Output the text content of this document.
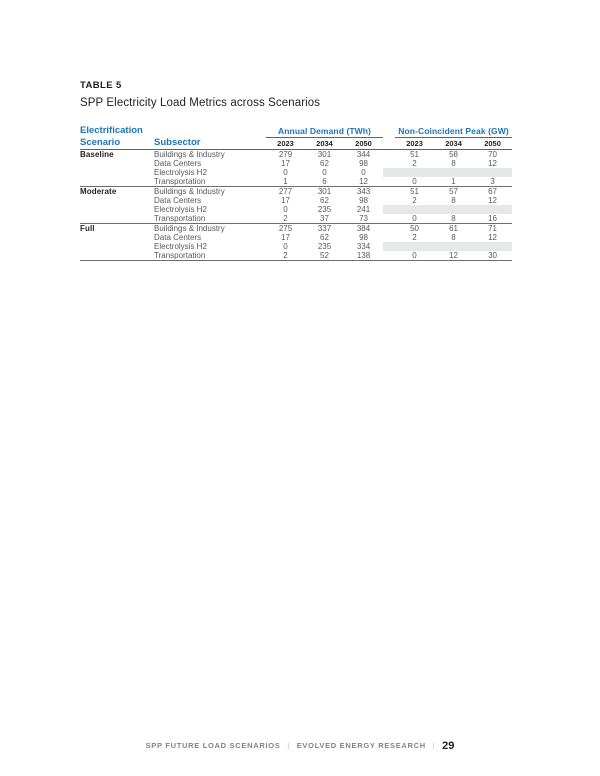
TABLE 5
SPP Electricity Load Metrics across Scenarios
Electrification
Scenario	Subsector	Annual Demand (TWh)				Non-Coincident Peak (GW)		
		2023	2034	2050		2023	2034	2050

Baseline	Buildings & Industry	279	301	344		51	58	70
	Data Centers	17	62	98		2	8	12
	Electrolysis H2	0	0	0				
	Transportation	1	6	12		0	1	3
Moderate	Buildings & Industry	277	301	343		51	57	67
	Data Centers	17	62	98		2	8	12
	Electrolysis H2	0	235	241				
	Transportation	2	37	73		0	8	16
Full	Buildings & Industry	275	337	384		50	61	71
	Data Centers	17	62	98		2	8	12
	Electrolysis H2	0	235	334				
	Transportation	2	52	138		0	12	30
SPP FUTURE LOAD SCENARIOS | EVOLVED ENERGY RESEARCH | 29
